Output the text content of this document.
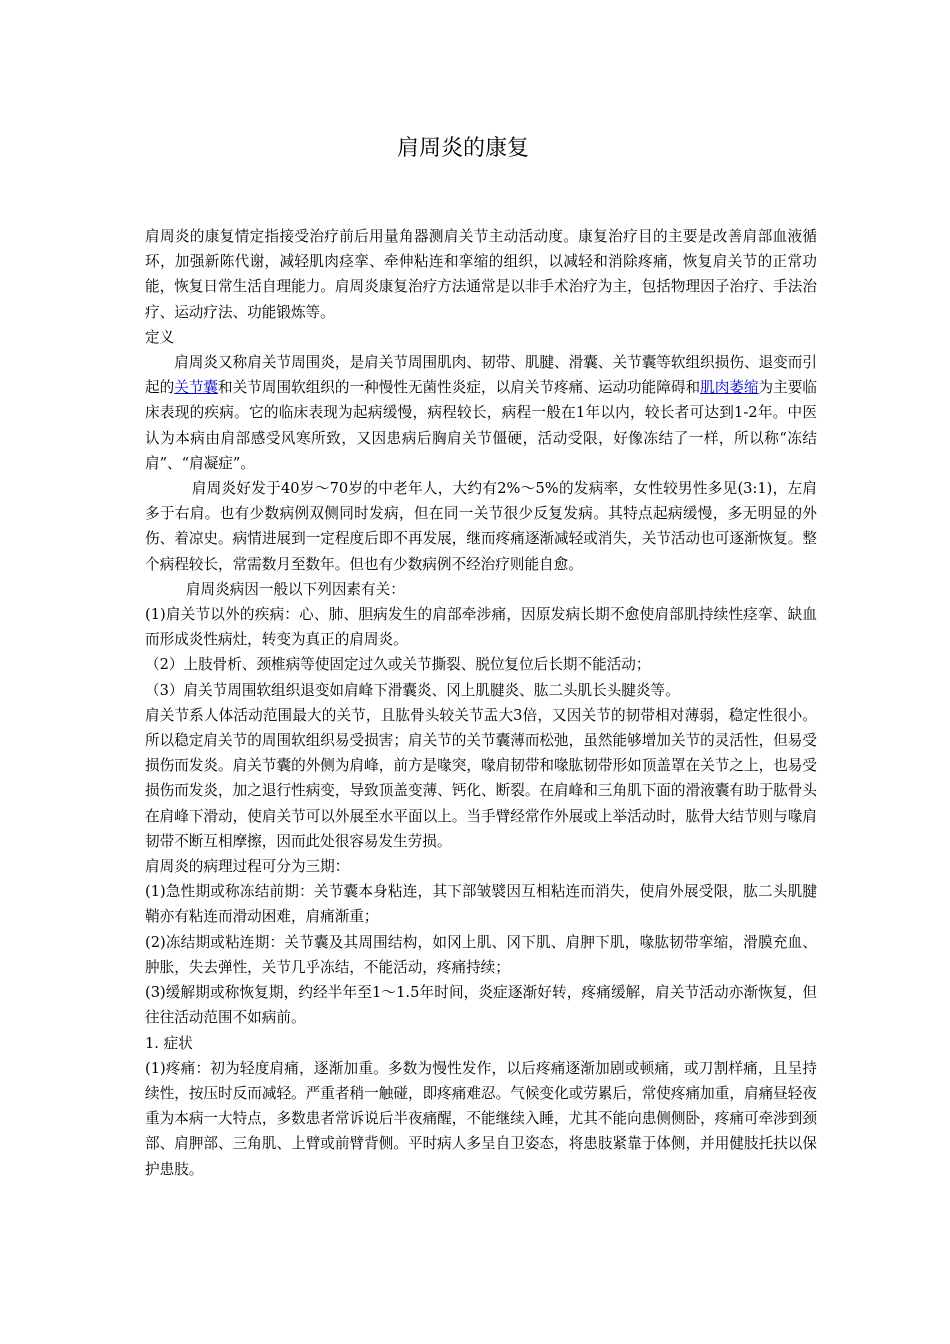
肩周炎的康复

肩周炎的康复情定指接受治疗前后用量角器测肩关节主动活动度。康复治疗目的主要是改善肩部血液循环，加强新陈代谢，减轻肌肉痉挛、牵伸粘连和挛缩的组织，以减轻和消除疼痛，恢复肩关节的正常功能，恢复日常生活自理能力。肩周炎康复治疗方法通常是以非手术治疗为主，包括物理因子治疗、手法治疗、运动疗法、功能锻炼等。

定义

肩周炎又称肩关节周围炎，是肩关节周围肌肉、韧带、肌腱、滑囊、关节囊等软组织损伤、退变而引起的关节囊和关节周围软组织的一种慢性无菌性炎症，以肩关节疼痛、运动功能障碍和肌肉萎缩为主要临床表现的疾病。它的临床表现为起病缓慢，病程较长，病程一般在1年以内，较长者可达到1-2年。中医认为本病由肩部感受风寒所致，又因患病后胸肩关节僵硬，活动受限，好像冻结了一样，所以称“冻结肩”、“肩凝症”。

肩周炎好发于40岁～70岁的中老年人，大约有2%～5%的发病率，女性较男性多见(3:1)，左肩多于右肩。也有少数病例双侧同时发病，但在同一关节很少反复发病。其特点起病缓慢，多无明显的外伤、着凉史。病情进展到一定程度后即不再发展，继而疼痛逐渐减轻或消失，关节活动也可逐渐恢复。整个病程较长，常需数月至数年。但也有少数病例不经治疗则能自愈。

肩周炎病因一般以下列因素有关：

(1)肩关节以外的疾病：心、肺、胆病发生的肩部牵涉痛，因原发病长期不愈使肩部肌持续性痉挛、缺血而形成炎性病灶，转变为真正的肩周炎。

（2）上肢骨析、颈椎病等使固定过久或关节撕裂、脱位复位后长期不能活动；

（3）肩关节周围软组织退变如肩峰下滑囊炎、冈上肌腱炎、肱二头肌长头腱炎等。

肩关节系人体活动范围最大的关节，且肱骨头较关节盂大3倍，又因关节的韧带相对薄弱，稳定性很小。所以稳定肩关节的周围软组织易受损害；肩关节的关节囊薄而松弛，虽然能够增加关节的灵活性，但易受损伤而发炎。肩关节囊的外侧为肩峰，前方是喙突，喙肩韧带和喙肱韧带形如顶盖罩在关节之上，也易受损伤而发炎，加之退行性病变，导致顶盖变薄、钙化、断裂。在肩峰和三角肌下面的滑液囊有助于肱骨头在肩峰下滑动，使肩关节可以外展至水平面以上。当手臂经常作外展或上举活动时，肱骨大结节则与喙肩韧带不断互相摩擦，因而此处很容易发生劳损。

肩周炎的病理过程可分为三期：

(1)急性期或称冻结前期：关节囊本身粘连，其下部皱襞因互相粘连而消失，使肩外展受限，肱二头肌腱鞘亦有粘连而滑动困难，肩痛渐重；

(2)冻结期或粘连期：关节囊及其周围结构，如冈上肌、冈下肌、肩胛下肌，喙肱韧带挛缩，滑膜充血、肿胀，失去弹性，关节几乎冻结，不能活动，疼痛持续；

(3)缓解期或称恢复期，约经半年至1～1.5年时间，炎症逐渐好转，疼痛缓解，肩关节活动亦渐恢复，但往往活动范围不如病前。

1. 症状

(1)疼痛：初为轻度肩痛，逐渐加重。多数为慢性发作，以后疼痛逐渐加剧或顿痛，或刀割样痛，且呈持续性，按压时反而减轻。严重者稍一触碰，即疼痛难忍。气候变化或劳累后，常使疼痛加重，肩痛昼轻夜重为本病一大特点，多数患者常诉说后半夜痛醒，不能继续入睡，尤其不能向患侧侧卧，疼痛可牵涉到颈部、肩胛部、三角肌、上臂或前臂背侧。平时病人多呈自卫姿态，将患肢紧靠于体侧，并用健肢托扶以保护患肢。
